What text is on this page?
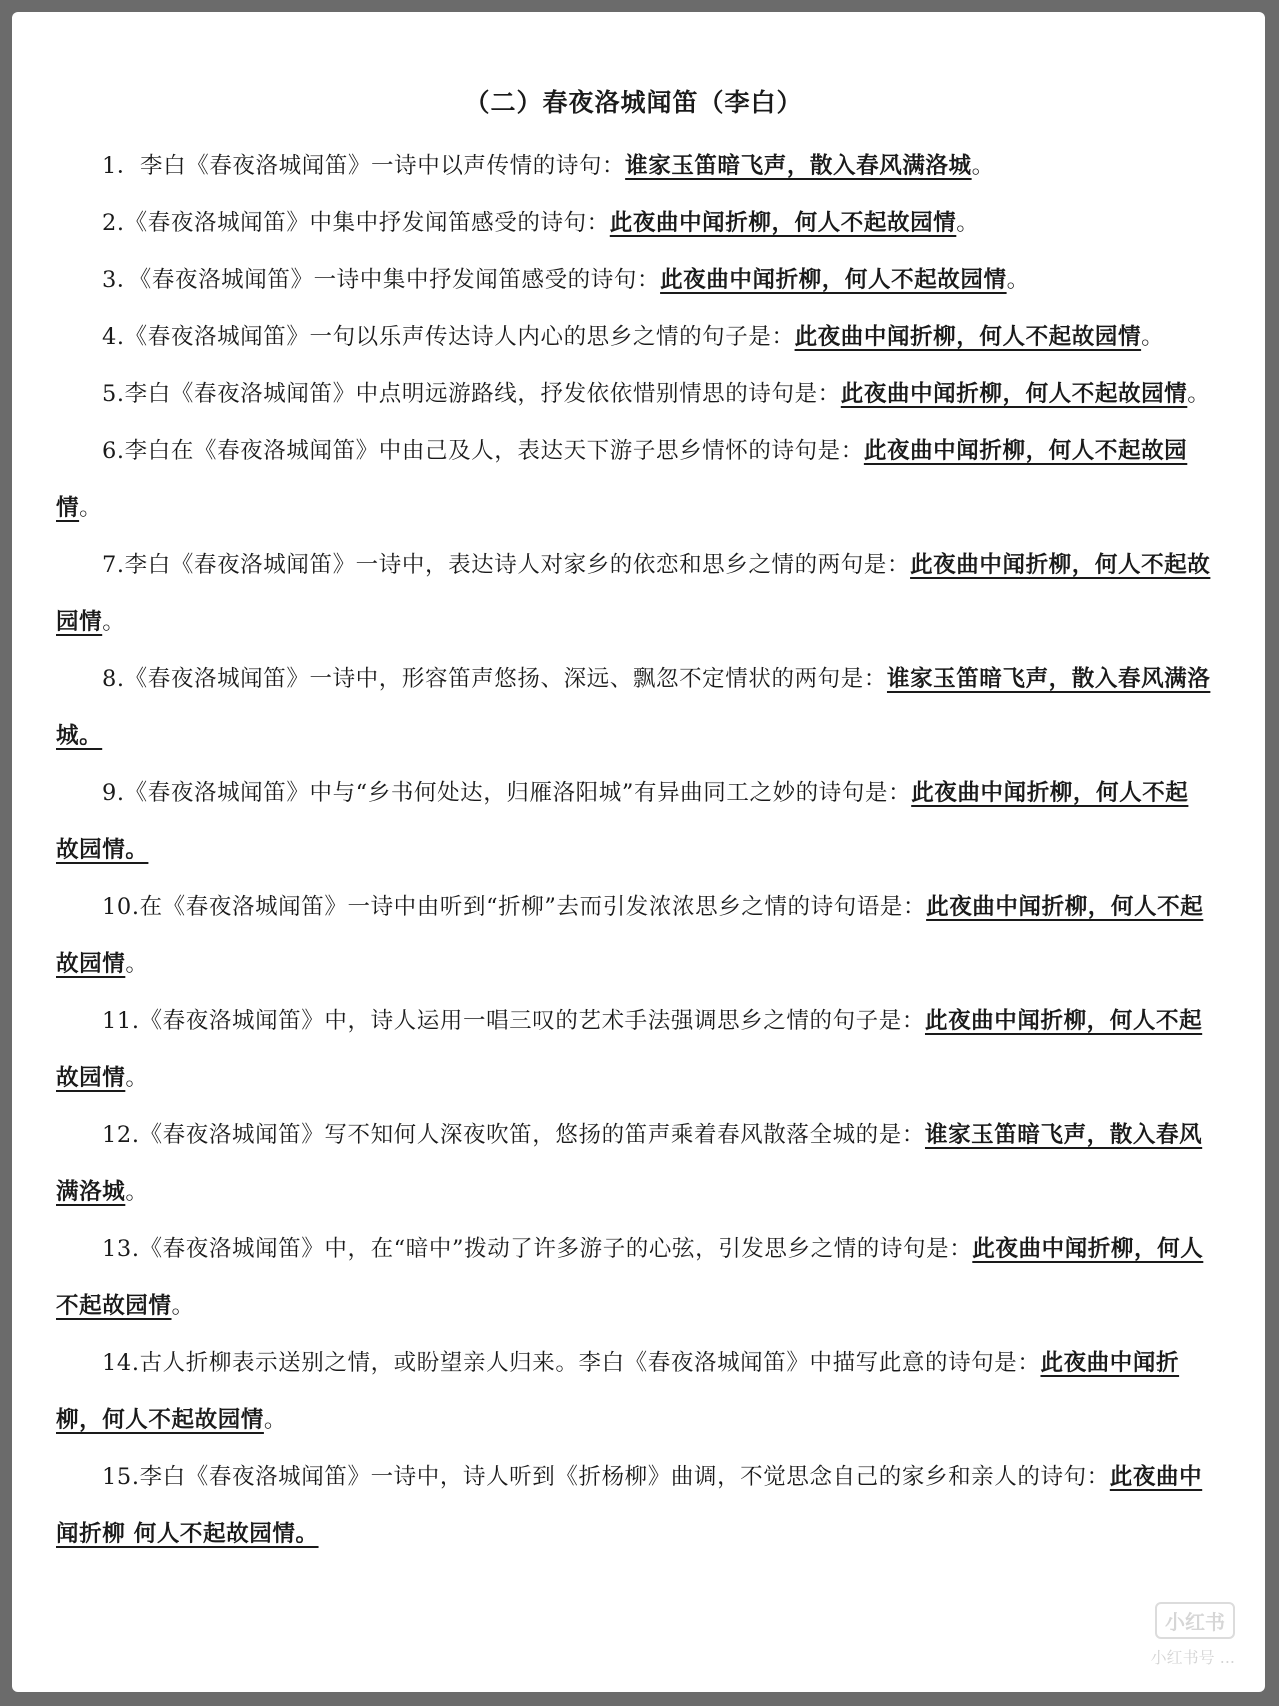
（二）春夜洛城闻笛（李白）

1．李白《春夜洛城闻笛》一诗中以声传情的诗句：谁家玉笛暗飞声，散入春风满洛城。

2.《春夜洛城闻笛》中集中抒发闻笛感受的诗句：此夜曲中闻折柳，何人不起故园情。

3．《春夜洛城闻笛》一诗中集中抒发闻笛感受的诗句：此夜曲中闻折柳，何人不起故园情。

4.《春夜洛城闻笛》一句以乐声传达诗人内心的思乡之情的句子是：此夜曲中闻折柳，何人不起故园情。

5.李白《春夜洛城闻笛》中点明远游路线，抒发依依惜别情思的诗句是：此夜曲中闻折柳，何人不起故园情。

6.李白在《春夜洛城闻笛》中由己及人，表达天下游子思乡情怀的诗句是：此夜曲中闻折柳，何人不起故园情。

7.李白《春夜洛城闻笛》一诗中，表达诗人对家乡的依恋和思乡之情的两句是：此夜曲中闻折柳，何人不起故园情。

8.《春夜洛城闻笛》一诗中，形容笛声悠扬、深远、飘忽不定情状的两句是：谁家玉笛暗飞声，散入春风满洛城。

9.《春夜洛城闻笛》中与“乡书何处达，归雁洛阳城”有异曲同工之妙的诗句是：此夜曲中闻折柳，何人不起故园情。

10.在《春夜洛城闻笛》一诗中由听到“折柳”去而引发浓浓思乡之情的诗句语是：此夜曲中闻折柳，何人不起故园情。

11.《春夜洛城闻笛》中，诗人运用一唱三叹的艺术手法强调思乡之情的句子是：此夜曲中闻折柳，何人不起故园情。

12.《春夜洛城闻笛》写不知何人深夜吹笛，悠扬的笛声乘着春风散落全城的是：谁家玉笛暗飞声，散入春风满洛城。

13.《春夜洛城闻笛》中，在“暗中”拨动了许多游子的心弦，引发思乡之情的诗句是：此夜曲中闻折柳，何人不起故园情。

14.古人折柳表示送别之情，或盼望亲人归来。李白《春夜洛城闻笛》中描写此意的诗句是：此夜曲中闻折柳，何人不起故园情。

15.李白《春夜洛城闻笛》一诗中，诗人听到《折杨柳》曲调，不觉思念自己的家乡和亲人的诗句：此夜曲中闻折柳 何人不起故园情。

小红书
小红书号 ...
